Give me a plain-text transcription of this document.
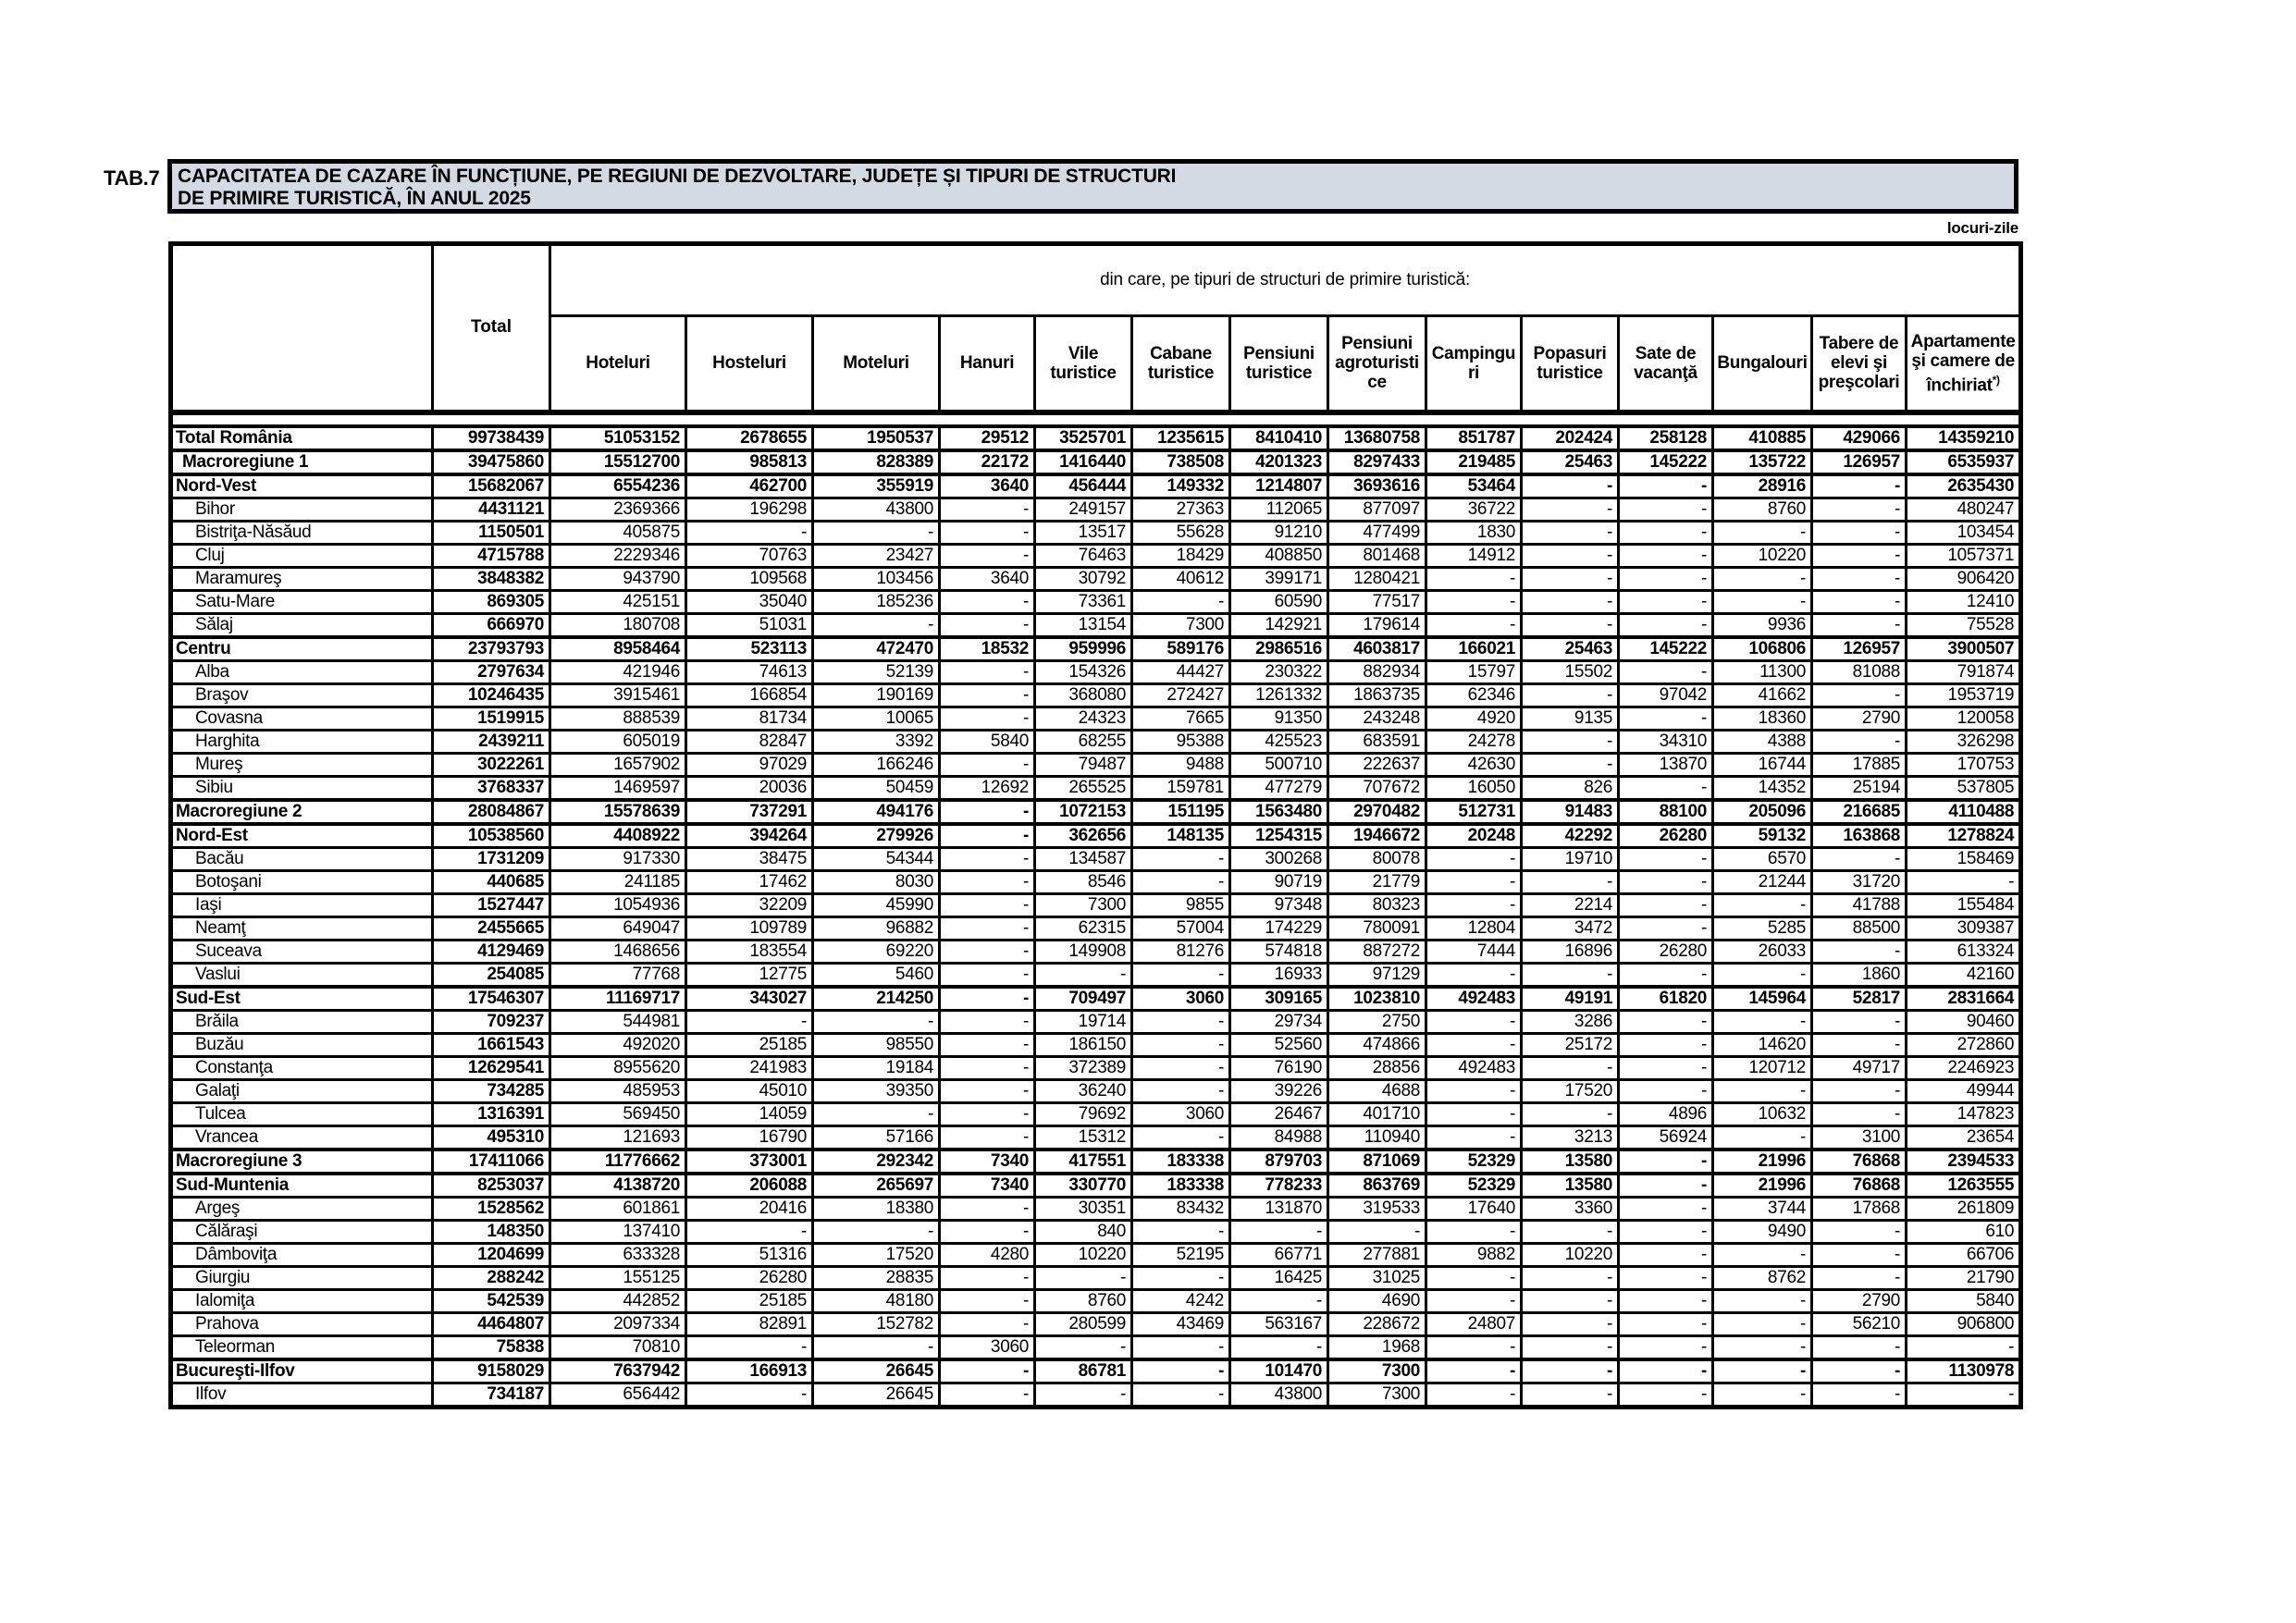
TAB.7 CAPACITATEA DE CAZARE ÎN FUNCȚIUNE, PE REGIUNI DE DEZVOLTARE, JUDEȚE ȘI TIPURI DE STRUCTURI
DE PRIMIRE TURISTICĂ, ÎN ANUL 2025
locuri-zile
	Total	din care, pe tipuri de structuri de primire turistică:													
		Hoteluri	Hosteluri	Moteluri	Hanuri	Vile turistice	Cabane turistice	Pensiuni turistice	Pensiuni agroturistice	Campinguri	Popasuri turistice	Sate de vacanţă	Bungalouri	Tabere de elevi şi preşcolari	Apartamente şi camere de închiriat*)

Total România	99738439	51053152	2678655	1950537	29512	3525701	1235615	8410410	13680758	851787	202424	258128	410885	429066	14359210
Macroregiune 1	39475860	15512700	985813	828389	22172	1416440	738508	4201323	8297433	219485	25463	145222	135722	126957	6535937
Nord-Vest	15682067	6554236	462700	355919	3640	456444	149332	1214807	3693616	53464	-	-	28916	-	2635430
Bihor	4431121	2369366	196298	43800	-	249157	27363	112065	877097	36722	-	-	8760	-	480247
Bistriţa-Năsăud	1150501	405875	-	-	-	13517	55628	91210	477499	1830	-	-	-	-	103454
Cluj	4715788	2229346	70763	23427	-	76463	18429	408850	801468	14912	-	-	10220	-	1057371
Maramureş	3848382	943790	109568	103456	3640	30792	40612	399171	1280421	-	-	-	-	-	906420
Satu-Mare	869305	425151	35040	185236	-	73361	-	60590	77517	-	-	-	-	-	12410
Sălaj	666970	180708	51031	-	-	13154	7300	142921	179614	-	-	-	9936	-	75528
Centru	23793793	8958464	523113	472470	18532	959996	589176	2986516	4603817	166021	25463	145222	106806	126957	3900507
Alba	2797634	421946	74613	52139	-	154326	44427	230322	882934	15797	15502	-	11300	81088	791874
Braşov	10246435	3915461	166854	190169	-	368080	272427	1261332	1863735	62346	-	97042	41662	-	1953719
Covasna	1519915	888539	81734	10065	-	24323	7665	91350	243248	4920	9135	-	18360	2790	120058
Harghita	2439211	605019	82847	3392	5840	68255	95388	425523	683591	24278	-	34310	4388	-	326298
Mureş	3022261	1657902	97029	166246	-	79487	9488	500710	222637	42630	-	13870	16744	17885	170753
Sibiu	3768337	1469597	20036	50459	12692	265525	159781	477279	707672	16050	826	-	14352	25194	537805
Macroregiune 2	28084867	15578639	737291	494176	-	1072153	151195	1563480	2970482	512731	91483	88100	205096	216685	4110488
Nord-Est	10538560	4408922	394264	279926	-	362656	148135	1254315	1946672	20248	42292	26280	59132	163868	1278824
Bacău	1731209	917330	38475	54344	-	134587	-	300268	80078	-	19710	-	6570	-	158469
Botoşani	440685	241185	17462	8030	-	8546	-	90719	21779	-	-	-	21244	31720	-
Iaşi	1527447	1054936	32209	45990	-	7300	9855	97348	80323	-	2214	-	-	41788	155484
Neamţ	2455665	649047	109789	96882	-	62315	57004	174229	780091	12804	3472	-	5285	88500	309387
Suceava	4129469	1468656	183554	69220	-	149908	81276	574818	887272	7444	16896	26280	26033	-	613324
Vaslui	254085	77768	12775	5460	-	-	-	16933	97129	-	-	-	-	1860	42160
Sud-Est	17546307	11169717	343027	214250	-	709497	3060	309165	1023810	492483	49191	61820	145964	52817	2831664
Brăila	709237	544981	-	-	-	19714	-	29734	2750	-	3286	-	-	-	90460
Buzău	1661543	492020	25185	98550	-	186150	-	52560	474866	-	25172	-	14620	-	272860
Constanţa	12629541	8955620	241983	19184	-	372389	-	76190	28856	492483	-	-	120712	49717	2246923
Galaţi	734285	485953	45010	39350	-	36240	-	39226	4688	-	17520	-	-	-	49944
Tulcea	1316391	569450	14059	-	-	79692	3060	26467	401710	-	-	4896	10632	-	147823
Vrancea	495310	121693	16790	57166	-	15312	-	84988	110940	-	3213	56924	-	3100	23654
Macroregiune 3	17411066	11776662	373001	292342	7340	417551	183338	879703	871069	52329	13580	-	21996	76868	2394533
Sud-Muntenia	8253037	4138720	206088	265697	7340	330770	183338	778233	863769	52329	13580	-	21996	76868	1263555
Argeş	1528562	601861	20416	18380	-	30351	83432	131870	319533	17640	3360	-	3744	17868	261809
Călăraşi	148350	137410	-	-	-	840	-	-	-	-	-	-	9490	-	610
Dâmboviţa	1204699	633328	51316	17520	4280	10220	52195	66771	277881	9882	10220	-	-	-	66706
Giurgiu	288242	155125	26280	28835	-	-	-	16425	31025	-	-	-	8762	-	21790
Ialomiţa	542539	442852	25185	48180	-	8760	4242	-	4690	-	-	-	-	2790	5840
Prahova	4464807	2097334	82891	152782	-	280599	43469	563167	228672	24807	-	-	-	56210	906800
Teleorman	75838	70810	-	-	3060	-	-	-	1968	-	-	-	-	-	-
Bucureşti-Ilfov	9158029	7637942	166913	26645	-	86781	-	101470	7300	-	-	-	-	-	1130978
Ilfov	734187	656442	-	26645	-	-	-	43800	7300	-	-	-	-	-	-
